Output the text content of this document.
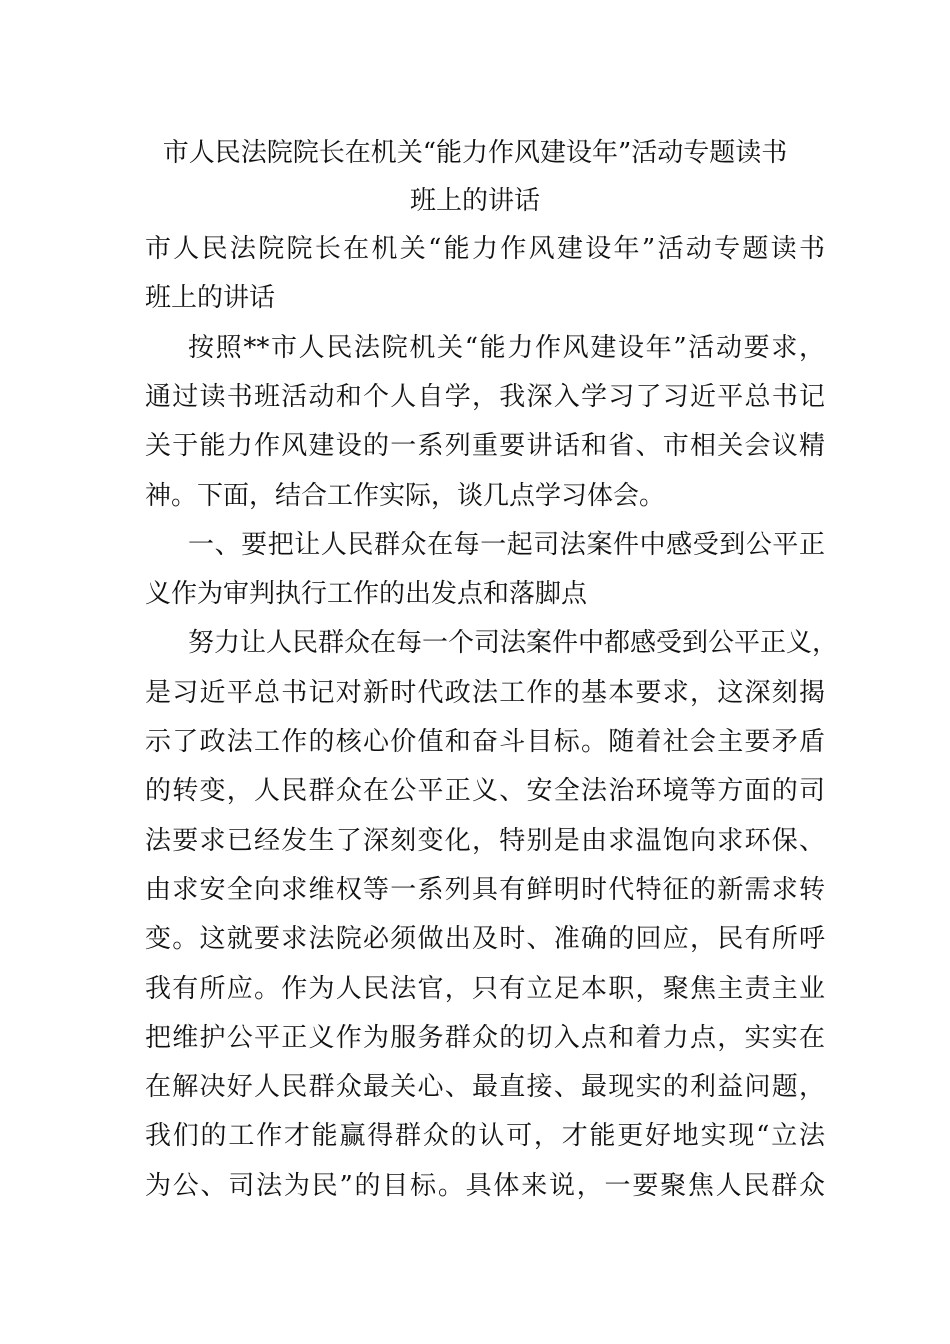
市人民法院院长在机关“能力作风建设年”活动专题读书
班上的讲话
市人民法院院长在机关“能力作风建设年”活动专题读书
班上的讲话
按照**市人民法院机关“能力作风建设年”活动要求，
通过读书班活动和个人自学，我深入学习了习近平总书记
关于能力作风建设的一系列重要讲话和省、市相关会议精
神。下面，结合工作实际，谈几点学习体会。
一、要把让人民群众在每一起司法案件中感受到公平正
义作为审判执行工作的出发点和落脚点
努力让人民群众在每一个司法案件中都感受到公平正义，
是习近平总书记对新时代政法工作的基本要求，这深刻揭
示了政法工作的核心价值和奋斗目标。随着社会主要矛盾
的转变，人民群众在公平正义、安全法治环境等方面的司
法要求已经发生了深刻变化，特别是由求温饱向求环保、
由求安全向求维权等一系列具有鲜明时代特征的新需求转
变。这就要求法院必须做出及时、准确的回应，民有所呼
我有所应。作为人民法官，只有立足本职，聚焦主责主业
把维护公平正义作为服务群众的切入点和着力点，实实在
在解决好人民群众最关心、最直接、最现实的利益问题，
我们的工作才能赢得群众的认可，才能更好地实现“立法
为公、司法为民”的目标。具体来说，一要聚焦人民群众
